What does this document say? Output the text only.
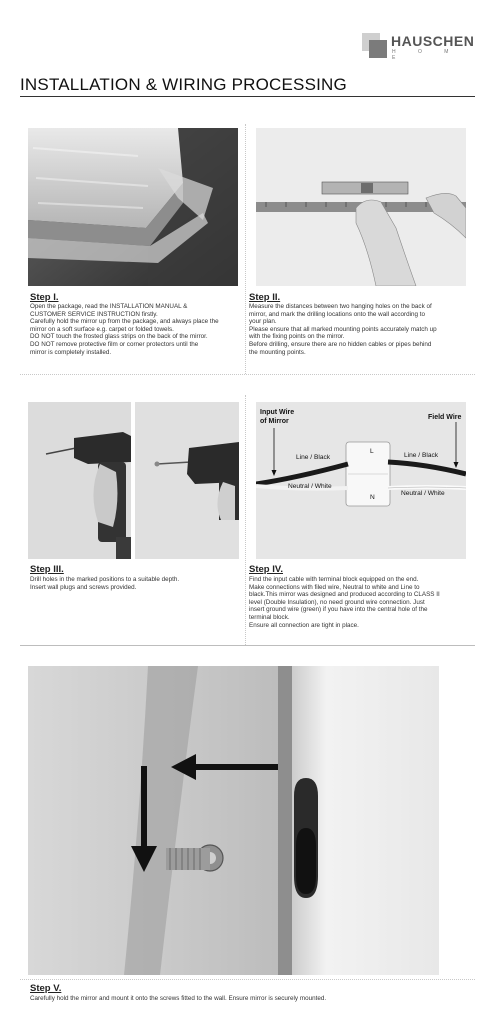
HAUSCHEN
H O M E
INSTALLATION & WIRING PROCESSING
Step I.
Open the package, read the INSTALLATION MANUAL &
CUSTOMER SERVICE INSTRUCTION firstly.
Carefully hold the mirror up from the package, and always place the
mirror on a soft surface e.g. carpet or folded towels.
DO NOT touch the frosted glass strips on the back of the mirror.
DO NOT remove protective film or corner protectors until the
mirror is completely installed.
Step II.
Measure the distances between two hanging holes on the back of
mirror, and mark the drilling locations onto the wall according to
your plan.
Please ensure that all marked mounting points accurately match up
with the fixing points on the mirror.
Before drilling, ensure there are no hidden cables or pipes behind
the mounting points.
Input Wire
of Mirror
Field Wire
Line / Black
Neutral / White
Line / Black
Neutral / White
L
N
Step III.
Drill holes in the marked positions to a suitable depth.
Insert wall plugs and screws provided.
Step IV.
Find the input cable with terminal block equipped on the end.
Make connections with filed wire, Neutral to white and Line to
black.This mirror was designed and produced according to CLASS II
level (Double Insulation), no need ground wire connection. Just
insert ground wire (green) if you have into the central hole of the
terminal block.
Ensure all connection are tight in place.
Step V.
Carefully hold the mirror and mount it onto the screws fitted to the wall. Ensure mirror is securely mounted.
